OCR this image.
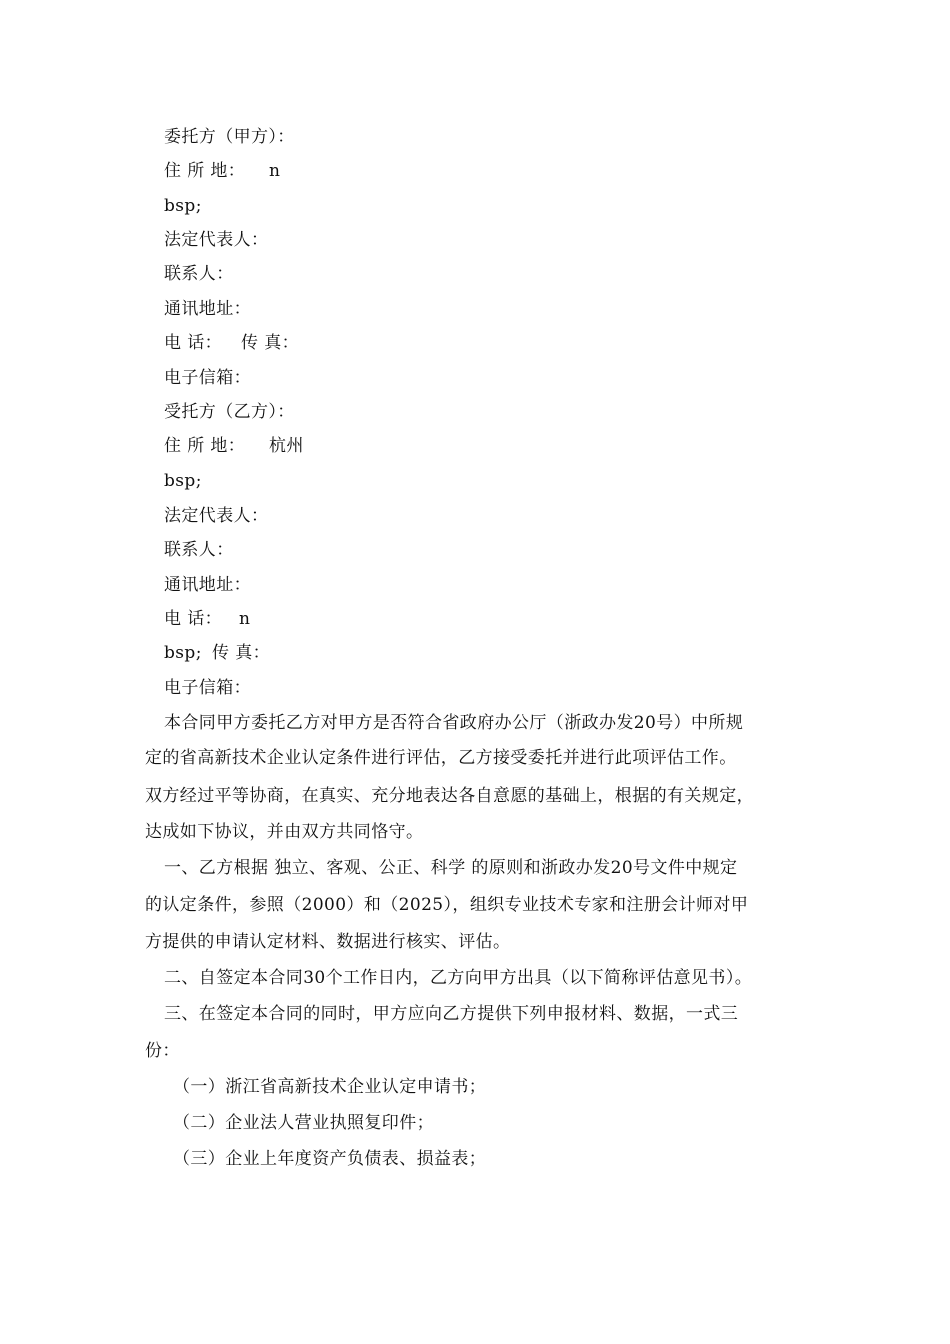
委托方（甲方）：
住 所 地： n
bsp;
法定代表人：
联系人：
通讯地址：
电 话： 传 真：
电子信箱：
受托方（乙方）：
住 所 地： 杭州
bsp;
法定代表人：
联系人：
通讯地址：
电 话： n
bsp; 传 真：
电子信箱：
本合同甲方委托乙方对甲方是否符合省政府办公厅（浙政办发20号）中所规
定的省高新技术企业认定条件进行评估，乙方接受委托并进行此项评估工作。
双方经过平等协商，在真实、充分地表达各自意愿的基础上，根据的有关规定，
达成如下协议，并由双方共同恪守。
一、乙方根据 独立、客观、公正、科学 的原则和浙政办发20号文件中规定
的认定条件，参照（2000）和（2025），组织专业技术专家和注册会计师对甲
方提供的申请认定材料、数据进行核实、评估。
二、自签定本合同30个工作日内，乙方向甲方出具（以下简称评估意见书）。
三、在签定本合同的同时，甲方应向乙方提供下列申报材料、数据，一式三
份：
（一）浙江省高新技术企业认定申请书；
（二）企业法人营业执照复印件；
（三）企业上年度资产负债表、损益表；
